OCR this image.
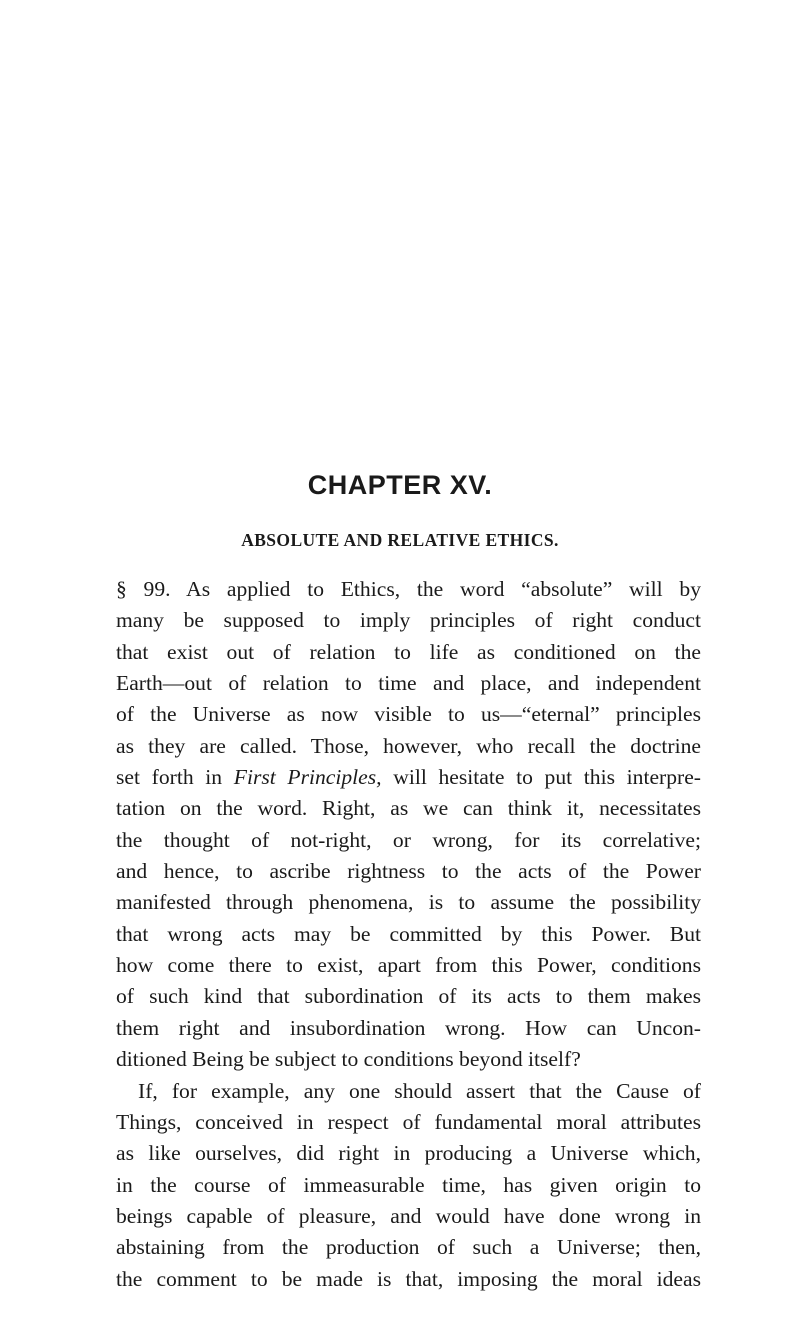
CHAPTER XV.
ABSOLUTE AND RELATIVE ETHICS.
§ 99. As applied to Ethics, the word “absolute” will by
many be supposed to imply principles of right conduct
that exist out of relation to life as conditioned on the
Earth—out of relation to time and place, and independent
of the Universe as now visible to us—“eternal” principles
as they are called. Those, however, who recall the doctrine
set forth in First Principles, will hesitate to put this interpre-
tation on the word. Right, as we can think it, necessitates
the thought of not-right, or wrong, for its correlative;
and hence, to ascribe rightness to the acts of the Power
manifested through phenomena, is to assume the possibility
that wrong acts may be committed by this Power. But
how come there to exist, apart from this Power, conditions
of such kind that subordination of its acts to them makes
them right and insubordination wrong. How can Uncon-
ditioned Being be subject to conditions beyond itself?
If, for example, any one should assert that the Cause of
Things, conceived in respect of fundamental moral attributes
as like ourselves, did right in producing a Universe which,
in the course of immeasurable time, has given origin to
beings capable of pleasure, and would have done wrong in
abstaining from the production of such a Universe; then,
the comment to be made is that, imposing the moral ideas
